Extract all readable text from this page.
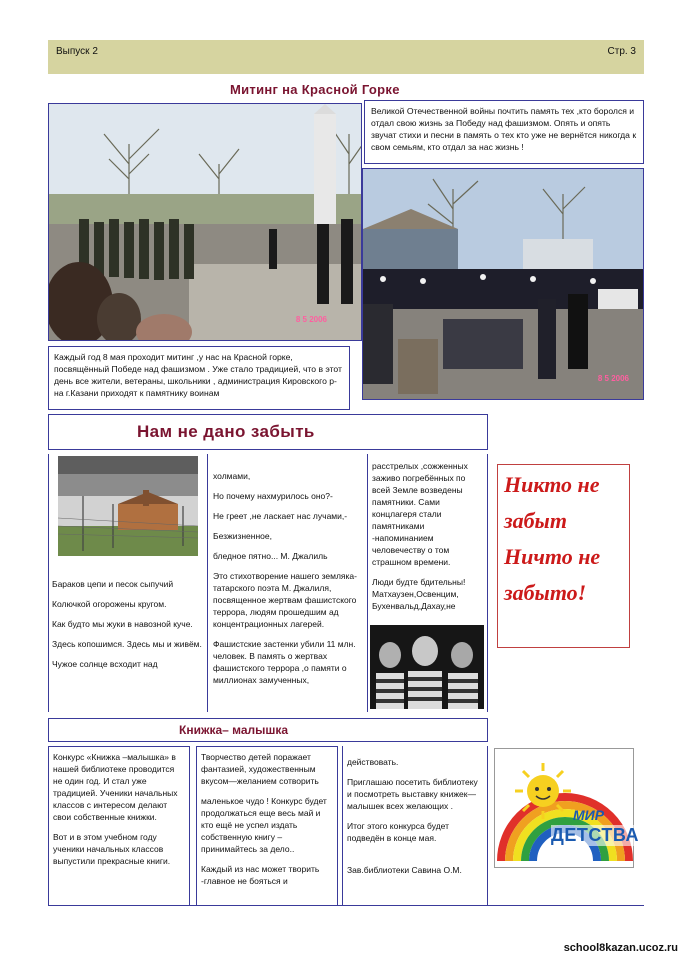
Выпуск 2	Стр. 3
Митинг на Красной Горке
8 5 2006
Великой Отечественной войны почтить память тех ,кто боролся и отдал свою жизнь за Победу над фашизмом. Опять и опять звучат стихи и песни в память о тех кто уже не вернётся никогда к свом семьям, кто отдал за нас жизнь !
8 5 2006
Каждый год 8 мая проходит митинг ,у нас на Красной горке, посвящённый Победе над фашизмом . Уже стало традицией, что в этот день все жители, ветераны, школьники , администрация Кировского р-на г.Казани приходят к памятнику воинам
Нам не дано забыть

Бараков цепи и песок сыпучий

Колючкой огорожены кругом.

Как будто мы жуки в навозной куче.

Здесь копошимся. Здесь мы и живём.

Чужое солнце всходит над

холмами,

Но почему нахмурилось оно?-

Не греет ,не ласкает нас лучами,-

Безжизненное,

бледное пятно... М. Джалиль

Это стихотворение нашего земляка-татарского поэта М. Джалиля, посвященное жертвам фашистского террора, людям прошедшим ад концентрационных лагерей.

Фашистские застенки убили 11 млн. человек. В память о жертвах фашистского террора ,о памяти о миллионах замученных,

расстрелых ,сожженных заживо погребённых по всей Земле возведены памятники. Сами концлагеря стали памятниками -напоминанием человечеству о том страшном времени.

Люди будте бдительны! Матхаузен,Освенцим, Бухенвальд,Дахау,не

Никто не
забыт
Ничто не
забыто!
Книжка– малышка

Конкурс «Книжка –малышка» в нашей библиотеке проводится не один год. И стал уже традицией. Ученики начальных классов с интересом делают свои собственные книжки.

Вот и в этом учебном году ученики начальных классов выпустили прекрасные книги.

Творчество детей поражает фантазией, художественным вкусом—желанием сотворить

маленькое чудо ! Конкурс будет продолжаться еще весь май и кто ещё не успел издать собственную книгу – принимайтесь за дело..

Каждый из нас может творить -главное не бояться и

действовать.

Приглашаю посетить библиотеку и посмотреть выставку книжек—малышек всех желающих .

Итог этого конкурса будет подведён в конце мая.

Зав.библиотеки Савина О.М.

МИР
ДЕТСТВА
school8kazan.ucoz.ru
